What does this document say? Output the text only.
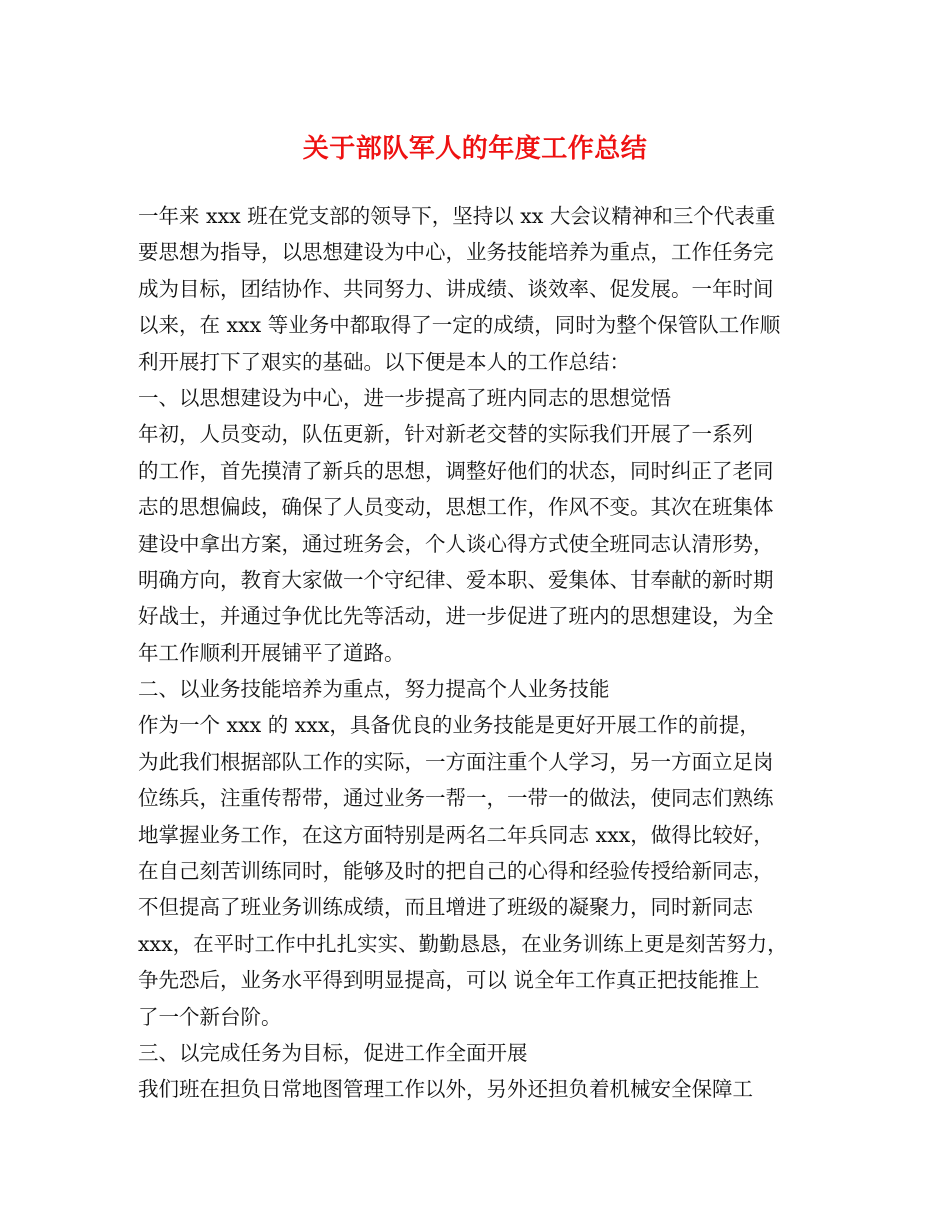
关于部队军人的年度工作总结
一年来 xxx 班在党支部的领导下，坚持以 xx 大会议精神和三个代表重
要思想为指导，以思想建设为中心，业务技能培养为重点，工作任务完
成为目标，团结协作、共同努力、讲成绩、谈效率、促发展。一年时间
以来，在 xxx 等业务中都取得了一定的成绩，同时为整个保管队工作顺
利开展打下了艰实的基础。以下便是本人的工作总结：
一、以思想建设为中心，进一步提高了班内同志的思想觉悟
年初，人员变动，队伍更新，针对新老交替的实际我们开展了一系列
的工作，首先摸清了新兵的思想，调整好他们的状态，同时纠正了老同
志的思想偏歧，确保了人员变动，思想工作，作风不变。其次在班集体
建设中拿出方案，通过班务会，个人谈心得方式使全班同志认清形势，
明确方向，教育大家做一个守纪律、爱本职、爱集体、甘奉献的新时期
好战士，并通过争优比先等活动，进一步促进了班内的思想建设，为全
年工作顺利开展铺平了道路。
二、以业务技能培养为重点，努力提高个人业务技能
作为一个 xxx 的 xxx，具备优良的业务技能是更好开展工作的前提，
为此我们根据部队工作的实际，一方面注重个人学习，另一方面立足岗
位练兵，注重传帮带，通过业务一帮一，一带一的做法，使同志们熟练
地掌握业务工作，在这方面特别是两名二年兵同志 xxx，做得比较好，
在自己刻苦训练同时，能够及时的把自己的心得和经验传授给新同志，
不但提高了班业务训练成绩，而且增进了班级的凝聚力，同时新同志
xxx，在平时工作中扎扎实实、勤勤恳恳，在业务训练上更是刻苦努力，
争先恐后，业务水平得到明显提高，可以 说全年工作真正把技能推上
了一个新台阶。
三、以完成任务为目标，促进工作全面开展
我们班在担负日常地图管理工作以外，另外还担负着机械安全保障工
